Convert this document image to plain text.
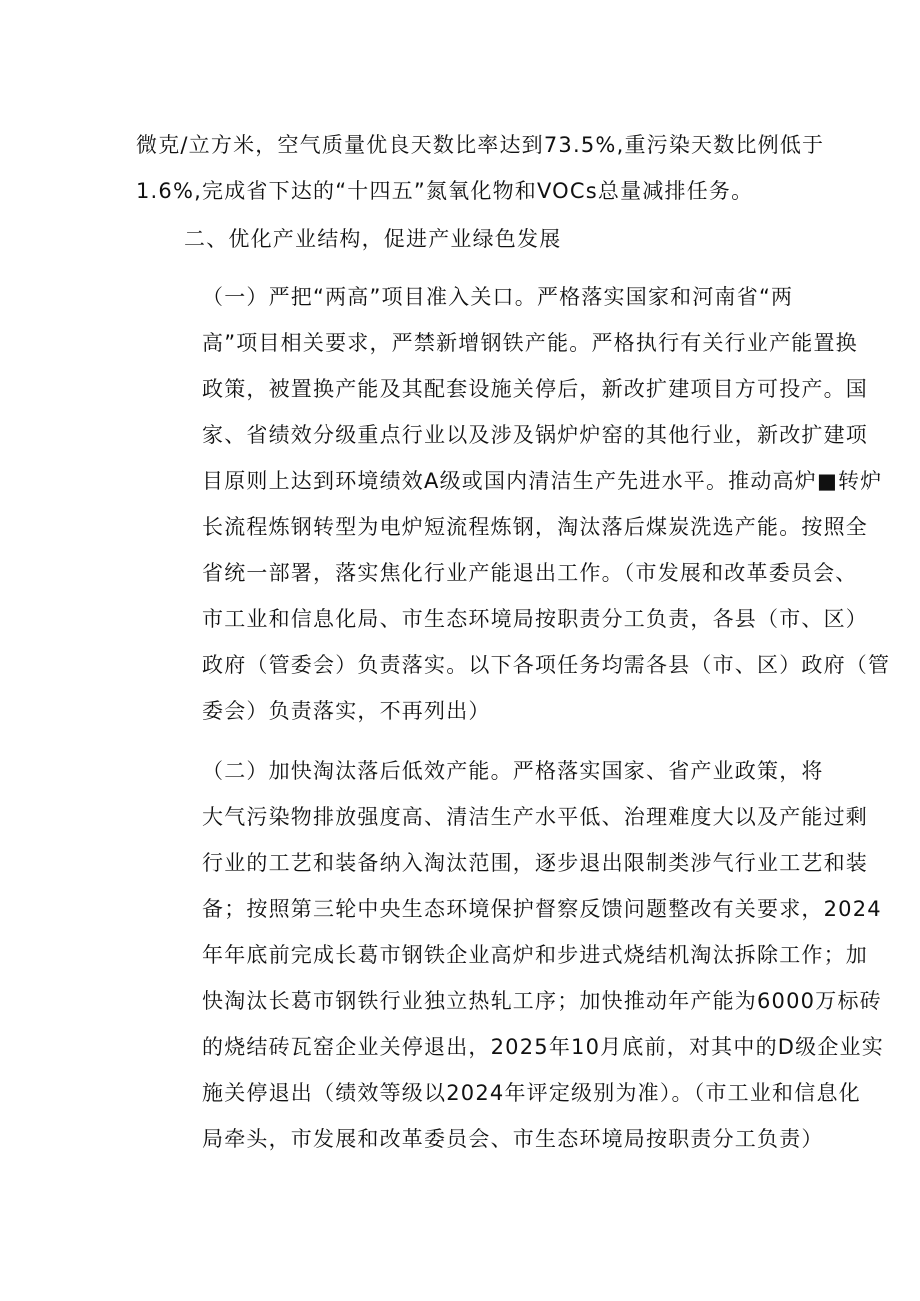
微克/立方米，空气质量优良天数比率达到73.5%,重污染天数比例低于
1.6%,完成省下达的“十四五”氮氧化物和VOCs总量减排任务。
二、优化产业结构，促进产业绿色发展
（一）严把“两高”项目准入关口。严格落实国家和河南省“两
高”项目相关要求，严禁新增钢铁产能。严格执行有关行业产能置换
政策，被置换产能及其配套设施关停后，新改扩建项目方可投产。国
家、省绩效分级重点行业以及涉及锅炉炉窑的其他行业，新改扩建项
目原则上达到环境绩效A级或国内清洁生产先进水平。推动高炉■转炉
长流程炼钢转型为电炉短流程炼钢，淘汰落后煤炭洗选产能。按照全
省统一部署，落实焦化行业产能退出工作。（市发展和改革委员会、
市工业和信息化局、市生态环境局按职责分工负责，各县（市、区）
政府（管委会）负责落实。以下各项任务均需各县（市、区）政府（管
委会）负责落实，不再列出）
（二）加快淘汰落后低效产能。严格落实国家、省产业政策，将
大气污染物排放强度高、清洁生产水平低、治理难度大以及产能过剩
行业的工艺和装备纳入淘汰范围，逐步退出限制类涉气行业工艺和装
备；按照第三轮中央生态环境保护督察反馈问题整改有关要求，2024
年年底前完成长葛市钢铁企业高炉和步进式烧结机淘汰拆除工作；加
快淘汰长葛市钢铁行业独立热轧工序；加快推动年产能为6000万标砖
的烧结砖瓦窑企业关停退出，2025年10月底前，对其中的D级企业实
施关停退出（绩效等级以2024年评定级别为准）。（市工业和信息化
局牵头，市发展和改革委员会、市生态环境局按职责分工负责）
